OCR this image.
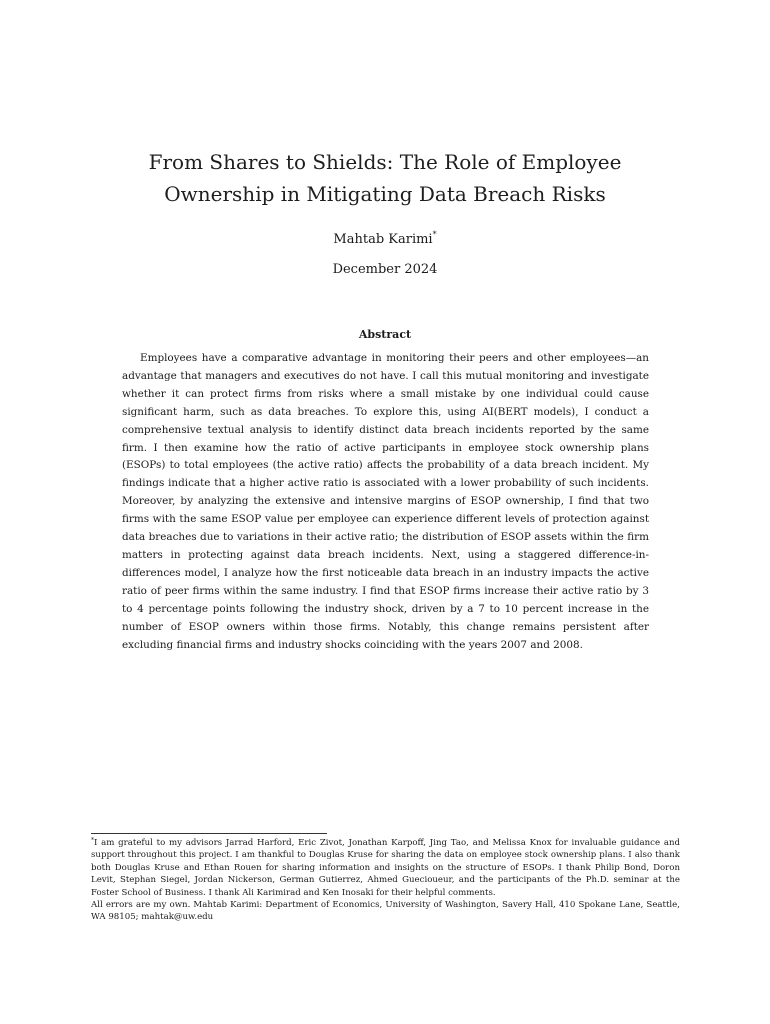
From Shares to Shields: The Role of Employee Ownership in Mitigating Data Breach Risks
Mahtab Karimi*
December 2024
Abstract

Employees have a comparative advantage in monitoring their peers and other employees—an advantage that managers and executives do not have. I call this mutual monitoring and investigate whether it can protect firms from risks where a small mistake by one individual could cause significant harm, such as data breaches. To explore this, using AI(BERT models), I conduct a comprehensive textual analysis to identify distinct data breach incidents reported by the same firm. I then examine how the ratio of active participants in employee stock ownership plans (ESOPs) to total employees (the active ratio) affects the probability of a data breach incident. My findings indicate that a higher active ratio is associated with a lower probability of such incidents. Moreover, by analyzing the extensive and intensive margins of ESOP ownership, I find that two firms with the same ESOP value per employee can experience different levels of protection against data breaches due to variations in their active ratio; the distribution of ESOP assets within the firm matters in protecting against data breach incidents. Next, using a staggered difference-in-differences model, I analyze how the first noticeable data breach in an industry impacts the active ratio of peer firms within the same industry. I find that ESOP firms increase their active ratio by 3 to 4 percentage points following the industry shock, driven by a 7 to 10 percent increase in the number of ESOP owners within those firms. Notably, this change remains persistent after excluding financial firms and industry shocks coinciding with the years 2007 and 2008.

*I am grateful to my advisors Jarrad Harford, Eric Zivot, Jonathan Karpoff, Jing Tao, and Melissa Knox for invaluable guidance and support throughout this project. I am thankful to Douglas Kruse for sharing the data on employee stock ownership plans. I also thank both Douglas Kruse and Ethan Rouen for sharing information and insights on the structure of ESOPs. I thank Philip Bond, Doron Levit, Stephan Siegel, Jordan Nickerson, German Gutierrez, Ahmed Guecioueur, and the participants of the Ph.D. seminar at the Foster School of Business. I thank Ali Karimirad and Ken Inosaki for their helpful comments.

All errors are my own. Mahtab Karimi: Department of Economics, University of Washington, Savery Hall, 410 Spokane Lane, Seattle, WA 98105; mahtak@uw.edu
